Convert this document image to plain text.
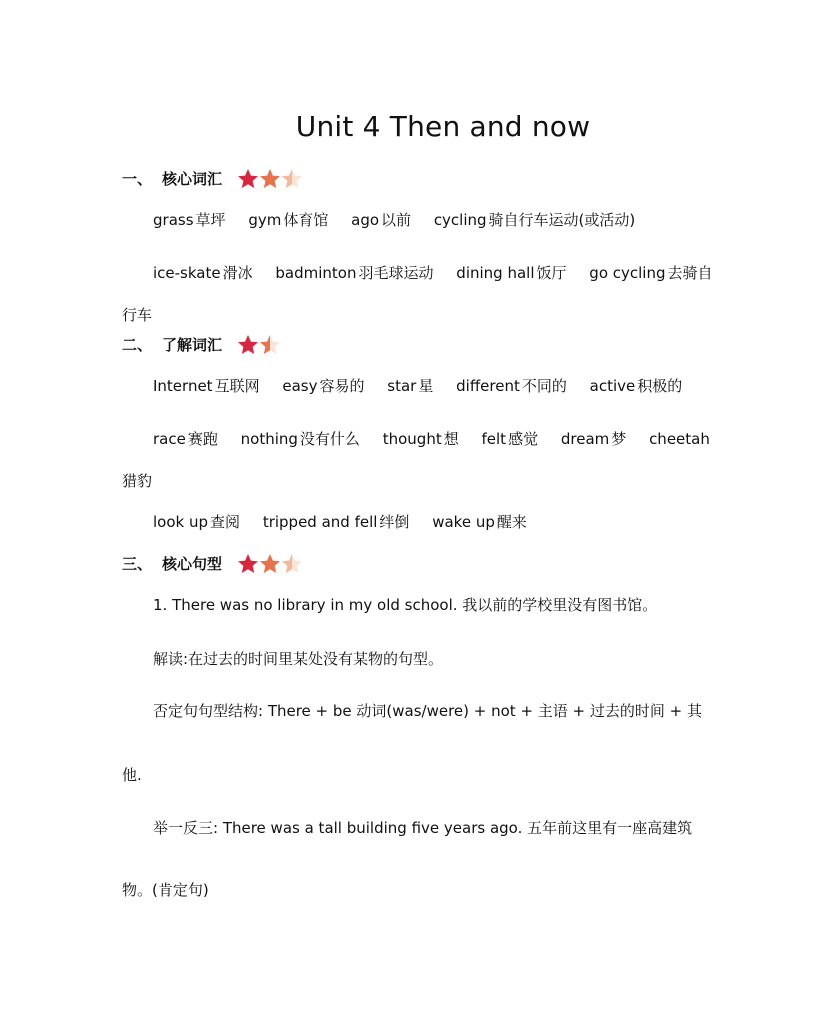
Unit 4 Then and now
一、 核心词汇
grass 草坪 gym 体育馆 ago 以前 cycling 骑自行车运动(或活动)
ice-skate 滑冰 badminton 羽毛球运动 dining hall 饭厅 go cycling 去骑自
行车
二、 了解词汇
Internet 互联网 easy 容易的 star 星 different 不同的 active 积极的
race 赛跑 nothing 没有什么 thought 想 felt 感觉 dream 梦 cheetah
猎豹
look up 查阅 tripped and fell 绊倒 wake up 醒来
三、 核心句型
1. There was no library in my old school. 我以前的学校里没有图书馆。
解读:在过去的时间里某处没有某物的句型。
否定句句型结构: There + be 动词(was/were) + not + 主语 + 过去的时间 + 其
他.
举一反三: There was a tall building five years ago. 五年前这里有一座高建筑
物。(肯定句)
